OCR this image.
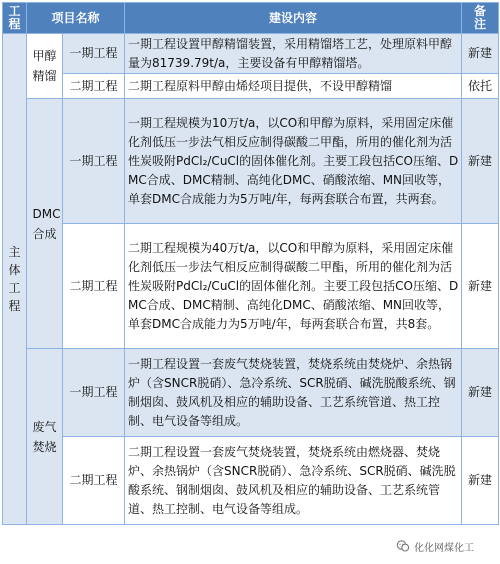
工程	项目名称		建设内容	备注

主体工程	甲醇精馏	一期工程	一期工程设置甲醇精馏装置，采用精馏塔工艺，处理原料甲醇量为81739.79t/a，主要设备有甲醇精馏塔。	新建

		二期工程	二期工程原料甲醇由烯烃项目提供，不设甲醇精馏	依托

	DMC合成	一期工程	一期工程规模为10万t/a，以CO和甲醇为原料，采用固定床催化剂低压一步法气相反应制得碳酸二甲酯，所用的催化剂为活性炭吸附PdCl₂/CuCl的固体催化剂。主要工段包括CO压缩、DMC合成、DMC精制、高纯化DMC、硝酸浓缩、MN回收等，单套DMC合成能力为5万吨/年，每两套联合布置，共两套。	新建

		二期工程	二期工程规模为40万t/a，以CO和甲醇为原料，采用固定床催化剂低压一步法气相反应制得碳酸二甲酯，所用的催化剂为活性炭吸附PdCl₂/CuCl的固体催化剂。主要工段包括CO压缩、DMC合成、DMC精制、高纯化DMC、硝酸浓缩、MN回收等，单套DMC合成能力为5万吨/年，每两套联合布置，共8套。	新建

	废气焚烧	一期工程	一期工程设置一套废气焚烧装置，焚烧系统由焚烧炉、余热锅炉（含SNCR脱硝）、急冷系统、SCR脱硝、碱洗脱酸系统、钢制烟囱、鼓风机及相应的辅助设备、工艺系统管道、热工控制、电气设备等组成。	新建

		二期工程	二期工程设置一套废气焚烧装置，焚烧系统由燃烧器、焚烧炉、余热锅炉（含SNCR脱硝）、急冷系统、SCR脱硝、碱洗脱酸系统、钢制烟囱、鼓风机及相应的辅助设备、工艺系统管道、热工控制、电气设备等组成。	新建
化化网煤化工
